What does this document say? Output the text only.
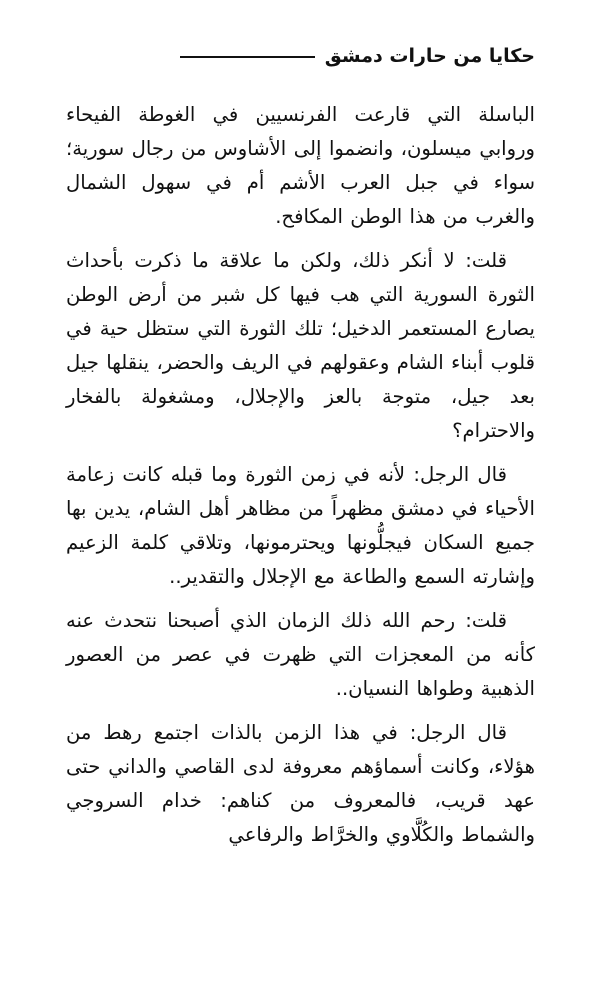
حكايا من حارات دمشق

الباسلة التي قارعت الفرنسيين في الغوطة الفيحاء وروابي ميسلون، وانضموا إلى الأشاوس من رجال سورية؛ سواء في جبل العرب الأشم أم في سهول الشمال والغرب من هذا الوطن المكافح.

قلت: لا أنكر ذلك، ولكن ما علاقة ما ذكرت بأحداث الثورة السورية التي هب فيها كل شبر من أرض الوطن يصارع المستعمر الدخيل؛ تلك الثورة التي ستظل حية في قلوب أبناء الشام وعقولهم في الريف والحضر، ينقلها جيل بعد جيل، متوجة بالعز والإجلال، ومشغولة بالفخار والاحترام؟

قال الرجل: لأنه في زمن الثورة وما قبله كانت زعامة الأحياء في دمشق مظهراً من مظاهر أهل الشام، يدين بها جميع السكان فيجلُّونها ويحترمونها، وتلاقي كلمة الزعيم وإشارته السمع والطاعة مع الإجلال والتقدير..

قلت: رحم الله ذلك الزمان الذي أصبحنا نتحدث عنه كأنه من المعجزات التي ظهرت في عصر من العصور الذهبية وطواها النسيان..

قال الرجل: في هذا الزمن بالذات اجتمع رهط من هؤلاء، وكانت أسماؤهم معروفة لدى القاصي والداني حتى عهد قريب، فالمعروف من كناهم: خدام السروجي والشماط والكُلَّاوي والخرَّاط والرفاعي
